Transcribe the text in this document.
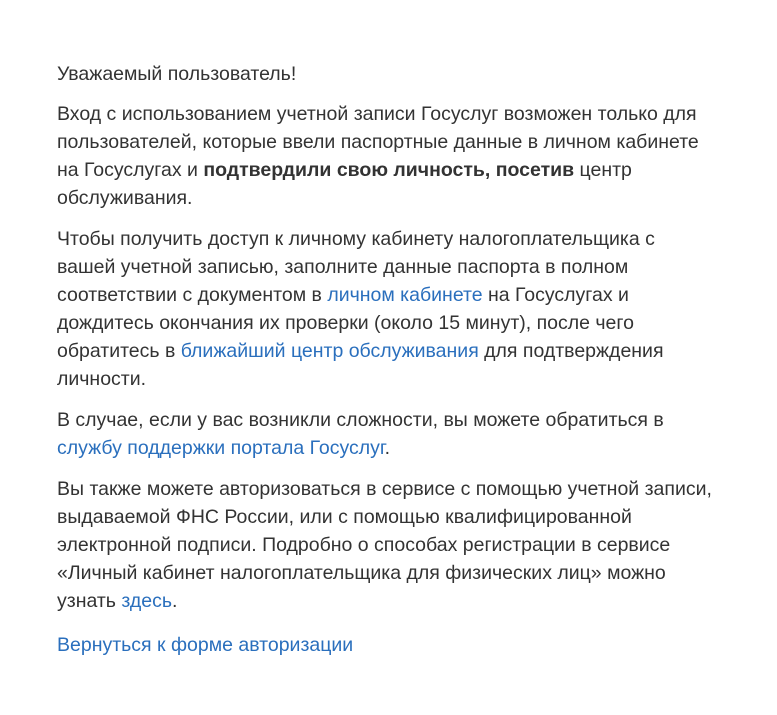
Уважаемый пользователь!

Вход с использованием учетной записи Госуслуг возможен только для пользователей, которые ввели паспортные данные в личном кабинете на Госуслугах и подтвердили свою личность, посетив центр обслуживания.

Чтобы получить доступ к личному кабинету налогоплательщика с вашей учетной записью, заполните данные паспорта в полном соответствии с документом в личном кабинете на Госуслугах и дождитесь окончания их проверки (около 15 минут), после чего обратитесь в ближайший центр обслуживания для подтверждения личности.

В случае, если у вас возникли сложности, вы можете обратиться в службу поддержки портала Госуслуг.

Вы также можете авторизоваться в сервисе с помощью учетной записи, выдаваемой ФНС России, или с помощью квалифицированной электронной подписи. Подробно о способах регистрации в сервисе «Личный кабинет налогоплательщика для физических лиц» можно узнать здесь.

Вернуться к форме авторизации
